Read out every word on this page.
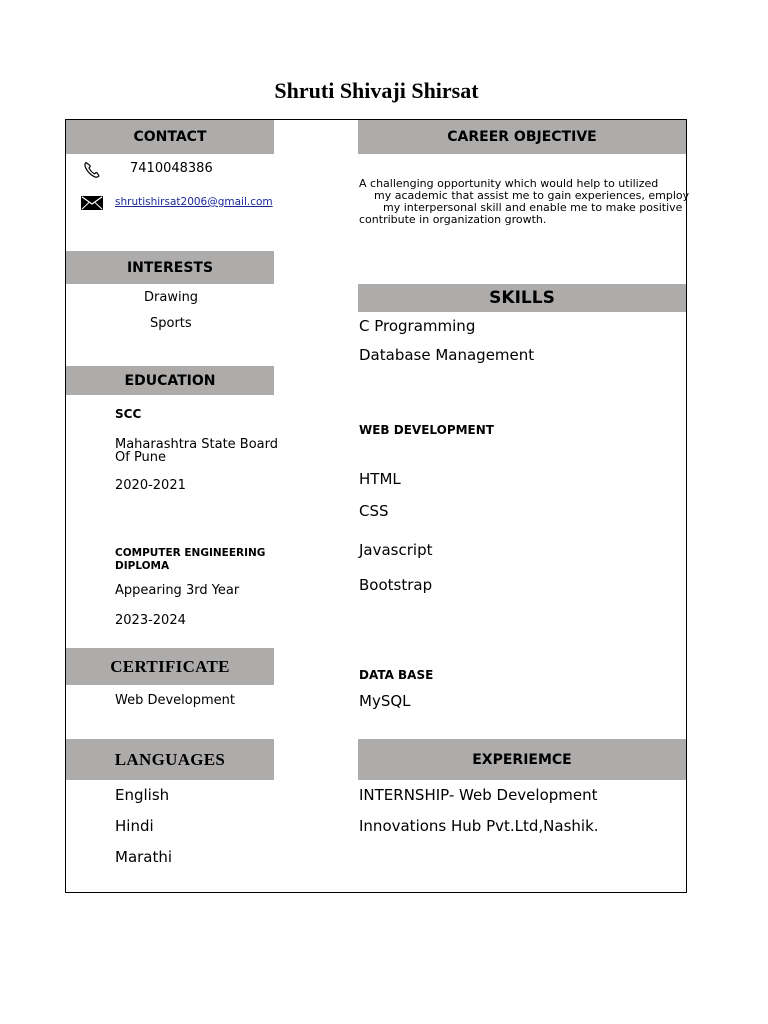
Shruti Shivaji Shirsat
CONTACT
7410048386
shrutishirsat2006@gmail.com
INTERESTS
Drawing
Sports
EDUCATION
SCC
Maharashtra State Board
Of Pune
2020-2021
COMPUTER ENGINEERING DIPLOMA
Appearing 3rd Year
2023-2024
CERTIFICATE
Web Development
LANGUAGES
English
Hindi
Marathi
CAREER OBJECTIVE
A challenging opportunity which would help to utilized
my academic that assist me to gain experiences, employ
my interpersonal skill and enable me to make positive
contribute in organization growth.
SKILLS
C Programming
Database Management
WEB DEVELOPMENT
HTML
CSS
Javascript
Bootstrap
DATA BASE
MySQL
EXPERIEMCE
INTERNSHIP- Web Development
Innovations Hub Pvt.Ltd,Nashik.
